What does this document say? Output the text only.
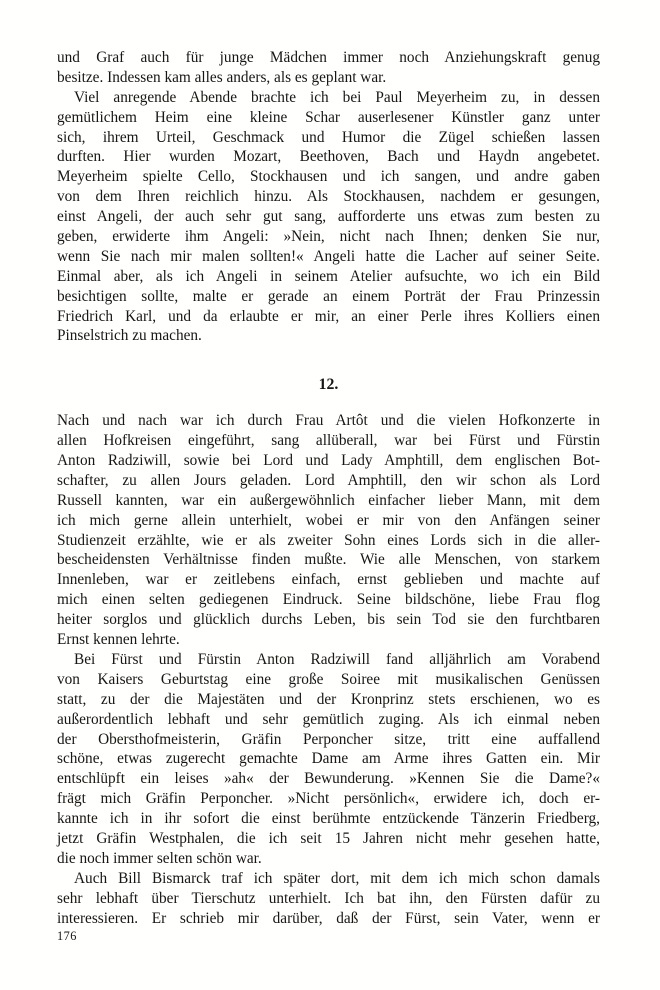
und Graf auch für junge Mädchen immer noch Anziehungskraft genug
besitze. Indessen kam alles anders, als es geplant war.
Viel anregende Abende brachte ich bei Paul Meyerheim zu, in dessen
gemütlichem Heim eine kleine Schar auserlesener Künstler ganz unter
sich, ihrem Urteil, Geschmack und Humor die Zügel schießen lassen
durften. Hier wurden Mozart, Beethoven, Bach und Haydn angebetet.
Meyerheim spielte Cello, Stockhausen und ich sangen, und andre gaben
von dem Ihren reichlich hinzu. Als Stockhausen, nachdem er gesungen,
einst Angeli, der auch sehr gut sang, aufforderte uns etwas zum besten zu
geben, erwiderte ihm Angeli: »Nein, nicht nach Ihnen; denken Sie nur,
wenn Sie nach mir malen sollten!« Angeli hatte die Lacher auf seiner Seite.
Einmal aber, als ich Angeli in seinem Atelier aufsuchte, wo ich ein Bild
besichtigen sollte, malte er gerade an einem Porträt der Frau Prinzessin
Friedrich Karl, und da erlaubte er mir, an einer Perle ihres Kolliers einen
Pinselstrich zu machen.
12.
Nach und nach war ich durch Frau Artôt und die vielen Hofkonzerte in
allen Hofkreisen eingeführt, sang allüberall, war bei Fürst und Fürstin
Anton Radziwill, sowie bei Lord und Lady Amphtill, dem englischen Bot-
schafter, zu allen Jours geladen. Lord Amphtill, den wir schon als Lord
Russell kannten, war ein außergewöhnlich einfacher lieber Mann, mit dem
ich mich gerne allein unterhielt, wobei er mir von den Anfängen seiner
Studienzeit erzählte, wie er als zweiter Sohn eines Lords sich in die aller-
bescheidensten Verhältnisse finden mußte. Wie alle Menschen, von starkem
Innenleben, war er zeitlebens einfach, ernst geblieben und machte auf
mich einen selten gediegenen Eindruck. Seine bildschöne, liebe Frau flog
heiter sorglos und glücklich durchs Leben, bis sein Tod sie den furchtbaren
Ernst kennen lehrte.
Bei Fürst und Fürstin Anton Radziwill fand alljährlich am Vorabend
von Kaisers Geburtstag eine große Soiree mit musikalischen Genüssen
statt, zu der die Majestäten und der Kronprinz stets erschienen, wo es
außerordentlich lebhaft und sehr gemütlich zuging. Als ich einmal neben
der Obersthofmeisterin, Gräfin Perponcher sitze, tritt eine auffallend
schöne, etwas zugerecht gemachte Dame am Arme ihres Gatten ein. Mir
entschlüpft ein leises »ah« der Bewunderung. »Kennen Sie die Dame?«
frägt mich Gräfin Perponcher. »Nicht persönlich«, erwidere ich, doch er-
kannte ich in ihr sofort die einst berühmte entzückende Tänzerin Friedberg,
jetzt Gräfin Westphalen, die ich seit 15 Jahren nicht mehr gesehen hatte,
die noch immer selten schön war.
Auch Bill Bismarck traf ich später dort, mit dem ich mich schon damals
sehr lebhaft über Tierschutz unterhielt. Ich bat ihn, den Fürsten dafür zu
interessieren. Er schrieb mir darüber, daß der Fürst, sein Vater, wenn er
176
